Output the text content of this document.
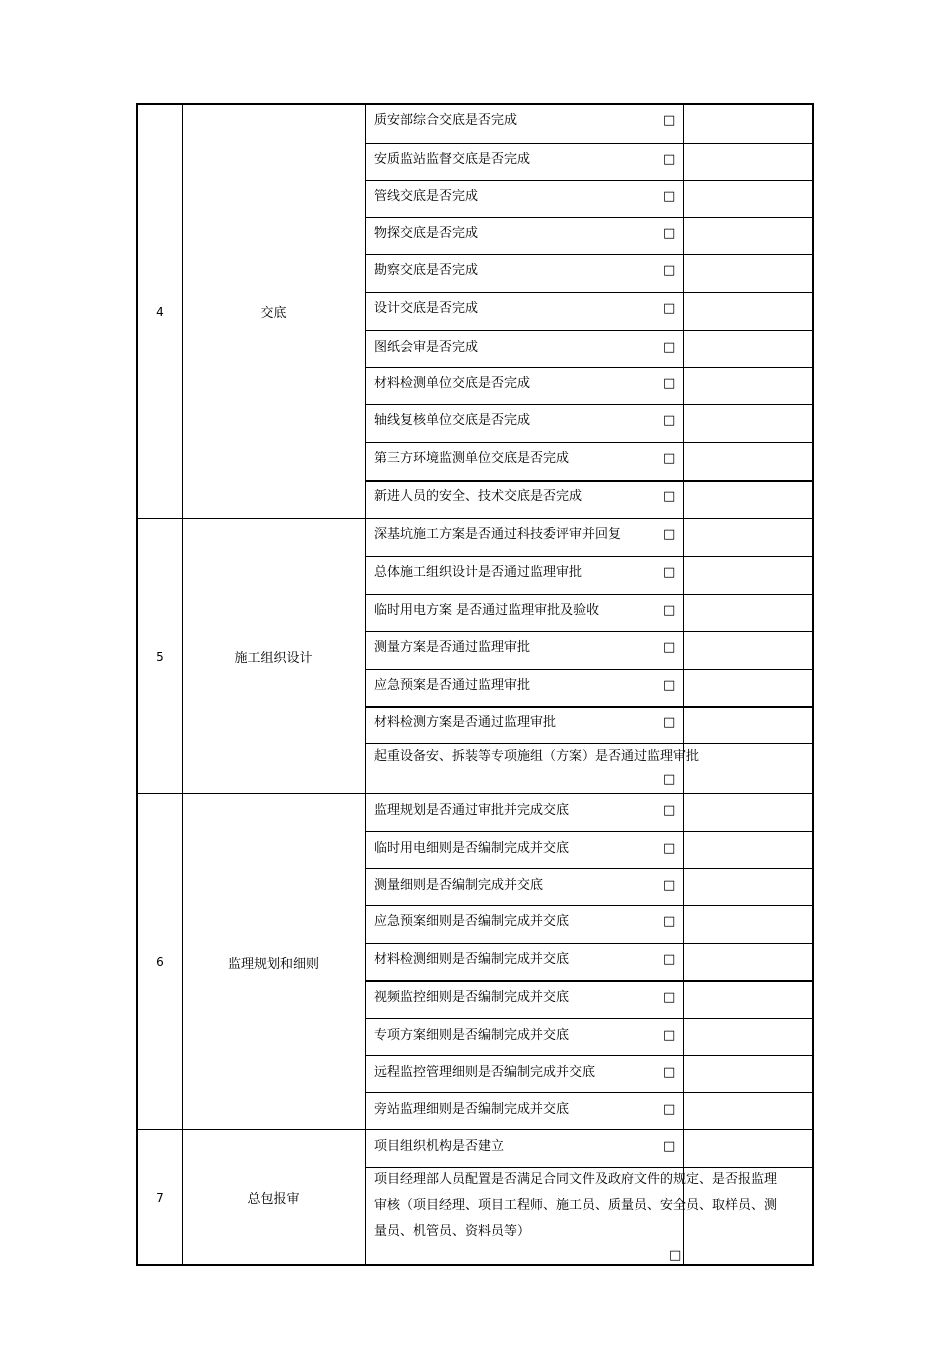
4	交底
质安部综合交底是否完成	□
安质监站监督交底是否完成	□
管线交底是否完成	□
物探交底是否完成	□
勘察交底是否完成	□
设计交底是否完成	□
图纸会审是否完成	□
材料检测单位交底是否完成	□
轴线复核单位交底是否完成	□
第三方环境监测单位交底是否完成	□
新进人员的安全、技术交底是否完成	□
5	施工组织设计
深基坑施工方案是否通过科技委评审并回复	□
总体施工组织设计是否通过监理审批	□
临时用电方案 是否通过监理审批及验收	□
测量方案是否通过监理审批	□
应急预案是否通过监理审批	□
材料检测方案是否通过监理审批	□
起重设备安、拆装等专项施组（方案）是否通过监理审批
□
6	监理规划和细则
监理规划是否通过审批并完成交底	□
临时用电细则是否编制完成并交底	□
测量细则是否编制完成并交底	□
应急预案细则是否编制完成并交底	□
材料检测细则是否编制完成并交底	□
视频监控细则是否编制完成并交底	□
专项方案细则是否编制完成并交底	□
远程监控管理细则是否编制完成并交底	□
旁站监理细则是否编制完成并交底	□
7	总包报审
项目组织机构是否建立	□
项目经理部人员配置是否满足合同文件及政府文件的规定、是否报监理审核（项目经理、项目工程师、施工员、质量员、安全员、取样员、测量员、机管员、资料员等）
□
